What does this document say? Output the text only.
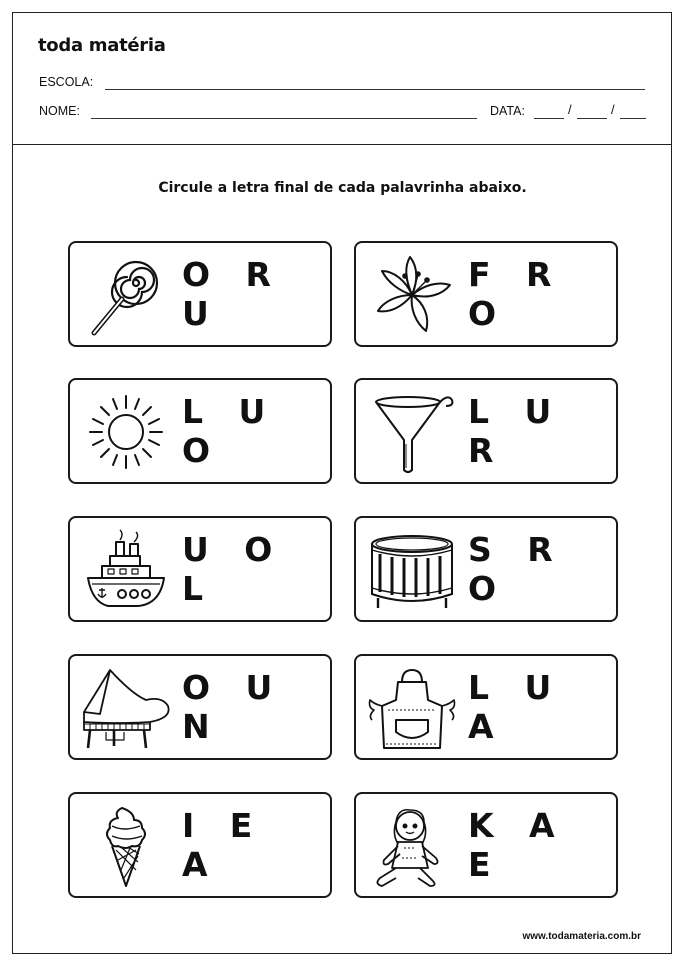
toda matéria
ESCOLA:
NOME:	DATA:	/	/
Circule a letra final de cada palavrinha abaixo.
O R U
F R O
L U O
L U R
U O L
S R O
O U N
L U A
I E A
K A E
www.todamateria.com.br
